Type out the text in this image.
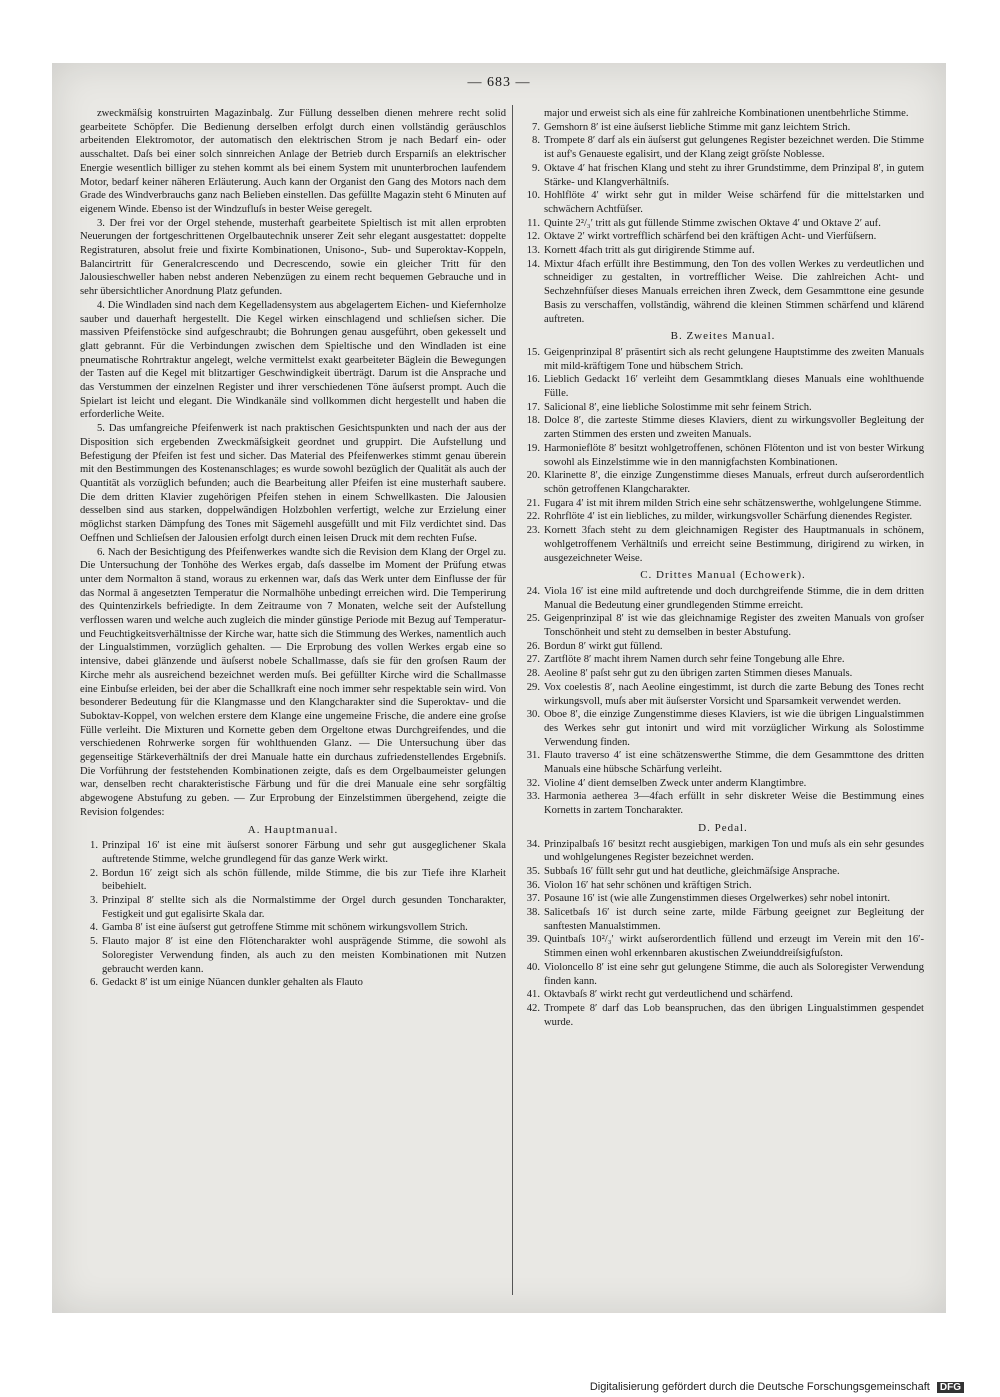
— 683 —

zweckmäſsig konstruirten Magazinbalg. Zur Füllung desselben dienen mehrere recht solid gearbeitete Schöpfer. Die Bedienung derselben erfolgt durch einen vollständig geräuschlos arbeitenden Elektromotor, der automatisch den elektrischen Strom je nach Bedarf ein- oder ausschaltet. Daſs bei einer solch sinnreichen Anlage der Betrieb durch Ersparniſs an elektrischer Energie wesentlich billiger zu stehen kommt als bei einem System mit ununterbrochen laufendem Motor, bedarf keiner näheren Erläuterung. Auch kann der Organist den Gang des Motors nach dem Grade des Windverbrauchs ganz nach Belieben einstellen. Das gefüllte Magazin steht 6 Minuten auf eigenem Winde. Ebenso ist der Windzufluſs in bester Weise geregelt.

3. Der frei vor der Orgel stehende, musterhaft gearbeitete Spieltisch ist mit allen erprobten Neuerungen der fortgeschrittenen Orgelbautechnik unserer Zeit sehr elegant ausgestattet: doppelte Registraturen, absolut freie und fixirte Kombinationen, Unisono-, Sub- und Superoktav-Koppeln, Balancirtritt für Generalcrescendo und Decrescendo, sowie ein gleicher Tritt für den Jalousieschweller haben nebst anderen Nebenzügen zu einem recht bequemen Gebrauche und in sehr übersichtlicher Anordnung Platz gefunden.

4. Die Windladen sind nach dem Kegelladensystem aus abgelagertem Eichen- und Kiefernholze sauber und dauerhaft hergestellt. Die Kegel wirken einschlagend und schlieſsen sicher. Die massiven Pfeifenstöcke sind aufgeschraubt; die Bohrungen genau ausgeführt, oben gekesselt und glatt gebrannt. Für die Verbindungen zwischen dem Spieltische und den Windladen ist eine pneumatische Rohrtraktur angelegt, welche vermittelst exakt gearbeiteter Bäglein die Bewegungen der Tasten auf die Kegel mit blitzartiger Geschwindigkeit überträgt. Darum ist die Ansprache und das Verstummen der einzelnen Register und ihrer verschiedenen Töne äuſserst prompt. Auch die Spielart ist leicht und elegant. Die Windkanäle sind vollkommen dicht hergestellt und haben die erforderliche Weite.

5. Das umfangreiche Pfeifenwerk ist nach praktischen Gesichtspunkten und nach der aus der Disposition sich ergebenden Zweckmäſsigkeit geordnet und gruppirt. Die Aufstellung und Befestigung der Pfeifen ist fest und sicher. Das Material des Pfeifenwerkes stimmt genau überein mit den Bestimmungen des Kostenanschlages; es wurde sowohl bezüglich der Qualität als auch der Quantität als vorzüglich befunden; auch die Bearbeitung aller Pfeifen ist eine musterhaft saubere. Die dem dritten Klavier zugehörigen Pfeifen stehen in einem Schwellkasten. Die Jalousien desselben sind aus starken, doppelwändigen Holzbohlen verfertigt, welche zur Erzielung einer möglichst starken Dämpfung des Tones mit Sägemehl ausgefüllt und mit Filz verdichtet sind. Das Oeffnen und Schlieſsen der Jalousien erfolgt durch einen leisen Druck mit dem rechten Fuſse.

6. Nach der Besichtigung des Pfeifenwerkes wandte sich die Revision dem Klang der Orgel zu. Die Untersuchung der Tonhöhe des Werkes ergab, daſs dasselbe im Moment der Prüfung etwas unter dem Normalton ā stand, woraus zu erkennen war, daſs das Werk unter dem Einflusse der für das Normal ā angesetzten Temperatur die Normalhöhe unbedingt erreichen wird. Die Temperirung des Quintenzirkels befriedigte. In dem Zeitraume von 7 Monaten, welche seit der Aufstellung verflossen waren und welche auch zugleich die minder günstige Periode mit Bezug auf Temperatur- und Feuchtigkeitsverhältnisse der Kirche war, hatte sich die Stimmung des Werkes, namentlich auch der Lingualstimmen, vorzüglich gehalten. — Die Erprobung des vollen Werkes ergab eine so intensive, dabei glänzende und äuſserst nobele Schallmasse, daſs sie für den groſsen Raum der Kirche mehr als ausreichend bezeichnet werden muſs. Bei gefüllter Kirche wird die Schallmasse eine Einbuſse erleiden, bei der aber die Schallkraft eine noch immer sehr respektable sein wird. Von besonderer Bedeutung für die Klangmasse und den Klangcharakter sind die Superoktav- und die Suboktav-Koppel, von welchen erstere dem Klange eine ungemeine Frische, die andere eine groſse Fülle verleiht. Die Mixturen und Kornette geben dem Orgeltone etwas Durchgreifendes, und die verschiedenen Rohrwerke sorgen für wohlthuenden Glanz. — Die Untersuchung über das gegenseitige Stärkeverhältniſs der drei Manuale hatte ein durchaus zufriedenstellendes Ergebniſs. Die Vorführung der feststehenden Kombinationen zeigte, daſs es dem Orgelbaumeister gelungen war, denselben recht charakteristische Färbung und für die drei Manuale eine sehr sorgfältig abgewogene Abstufung zu geben. — Zur Erprobung der Einzelstimmen übergehend, zeigte die Revision folgendes:

A. Hauptmanual.
1. Prinzipal 16′ ist eine mit äuſserst sonorer Färbung und sehr gut ausgeglichener Skala auftretende Stimme, welche grundlegend für das ganze Werk wirkt.
2. Bordun 16′ zeigt sich als schön füllende, milde Stimme, die bis zur Tiefe ihre Klarheit beibehielt.
3. Prinzipal 8′ stellte sich als die Normalstimme der Orgel durch gesunden Toncharakter, Festigkeit und gut egalisirte Skala dar.
4. Gamba 8′ ist eine äuſserst gut getroffene Stimme mit schönem wirkungsvollem Strich.
5. Flauto major 8′ ist eine den Flötencharakter wohl ausprägende Stimme, die sowohl als Soloregister Verwendung finden, als auch zu den meisten Kombinationen mit Nutzen gebraucht werden kann.
6. Gedackt 8′ ist um einige Nüancen dunkler gehalten als Flauto

major und erweist sich als eine für zahlreiche Kombinationen unentbehrliche Stimme.

7. Gemshorn 8′ ist eine äuſserst liebliche Stimme mit ganz leichtem Strich.
8. Trompete 8′ darf als ein äuſserst gut gelungenes Register bezeichnet werden. Die Stimme ist auf's Genaueste egalisirt, und der Klang zeigt gröſste Noblesse.
9. Oktave 4′ hat frischen Klang und steht zu ihrer Grundstimme, dem Prinzipal 8′, in gutem Stärke- und Klangverhältniſs.
10. Hohlflöte 4′ wirkt sehr gut in milder Weise schärfend für die mittelstarken und schwächern Achtfüſser.
11. Quinte 2²/₃′ tritt als gut füllende Stimme zwischen Oktave 4′ und Oktave 2′ auf.
12. Oktave 2′ wirkt vortrefflich schärfend bei den kräftigen Acht- und Vierfüſsern.
13. Kornett 4fach tritt als gut dirigirende Stimme auf.
14. Mixtur 4fach erfüllt ihre Bestimmung, den Ton des vollen Werkes zu verdeutlichen und schneidiger zu gestalten, in vortrefflicher Weise. Die zahlreichen Acht- und Sechzehnfüſser dieses Manuals erreichen ihren Zweck, dem Gesammttone eine gesunde Basis zu verschaffen, vollständig, während die kleinen Stimmen schärfend und klärend auftreten.
B. Zweites Manual.
15. Geigenprinzipal 8′ präsentirt sich als recht gelungene Hauptstimme des zweiten Manuals mit mild-kräftigem Tone und hübschem Strich.
16. Lieblich Gedackt 16′ verleiht dem Gesammtklang dieses Manuals eine wohlthuende Fülle.
17. Salicional 8′, eine liebliche Solostimme mit sehr feinem Strich.
18. Dolce 8′, die zarteste Stimme dieses Klaviers, dient zu wirkungsvoller Begleitung der zarten Stimmen des ersten und zweiten Manuals.
19. Harmonieflöte 8′ besitzt wohlgetroffenen, schönen Flötenton und ist von bester Wirkung sowohl als Einzelstimme wie in den mannigfachsten Kombinationen.
20. Klarinette 8′, die einzige Zungenstimme dieses Manuals, erfreut durch auſserordentlich schön getroffenen Klangcharakter.
21. Fugara 4′ ist mit ihrem milden Strich eine sehr schätzenswerthe, wohlgelungene Stimme.
22. Rohrflöte 4′ ist ein liebliches, zu milder, wirkungsvoller Schärfung dienendes Register.
23. Kornett 3fach steht zu dem gleichnamigen Register des Hauptmanuals in schönem, wohlgetroffenem Verhältniſs und erreicht seine Bestimmung, dirigirend zu wirken, in ausgezeichneter Weise.
C. Drittes Manual (Echowerk).
24. Viola 16′ ist eine mild auftretende und doch durchgreifende Stimme, die in dem dritten Manual die Bedeutung einer grundlegenden Stimme erreicht.
25. Geigenprinzipal 8′ ist wie das gleichnamige Register des zweiten Manuals von groſser Tonschönheit und steht zu demselben in bester Abstufung.
26. Bordun 8′ wirkt gut füllend.
27. Zartflöte 8′ macht ihrem Namen durch sehr feine Tongebung alle Ehre.
28. Aeoline 8′ paſst sehr gut zu den übrigen zarten Stimmen dieses Manuals.
29. Vox coelestis 8′, nach Aeoline eingestimmt, ist durch die zarte Bebung des Tones recht wirkungsvoll, muſs aber mit äuſserster Vorsicht und Sparsamkeit verwendet werden.
30. Oboe 8′, die einzige Zungenstimme dieses Klaviers, ist wie die übrigen Lingualstimmen des Werkes sehr gut intonirt und wird mit vorzüglicher Wirkung als Solostimme Verwendung finden.
31. Flauto traverso 4′ ist eine schätzenswerthe Stimme, die dem Gesammttone des dritten Manuals eine hübsche Schärfung verleiht.
32. Violine 4′ dient demselben Zweck unter anderm Klangtimbre.
33. Harmonia aetherea 3—4fach erfüllt in sehr diskreter Weise die Bestimmung eines Kornetts in zartem Toncharakter.
D. Pedal.
34. Prinzipalbaſs 16′ besitzt recht ausgiebigen, markigen Ton und muſs als ein sehr gesundes und wohlgelungenes Register bezeichnet werden.
35. Subbaſs 16′ füllt sehr gut und hat deutliche, gleichmäſsige Ansprache.
36. Violon 16′ hat sehr schönen und kräftigen Strich.
37. Posaune 16′ ist (wie alle Zungenstimmen dieses Orgelwerkes) sehr nobel intonirt.
38. Salicetbaſs 16′ ist durch seine zarte, milde Färbung geeignet zur Begleitung der sanftesten Manualstimmen.
39. Quintbaſs 10²/₃′ wirkt auſserordentlich füllend und erzeugt im Verein mit den 16′-Stimmen einen wohl erkennbaren akustischen Zweiunddreiſsigfuſston.
40. Violoncello 8′ ist eine sehr gut gelungene Stimme, die auch als Soloregister Verwendung finden kann.
41. Oktavbaſs 8′ wirkt recht gut verdeutlichend und schärfend.
42. Trompete 8′ darf das Lob beanspruchen, das den übrigen Lingualstimmen gespendet wurde.
Digitalisierung gefördert durch die Deutsche Forschungsgemeinschaft DFG
